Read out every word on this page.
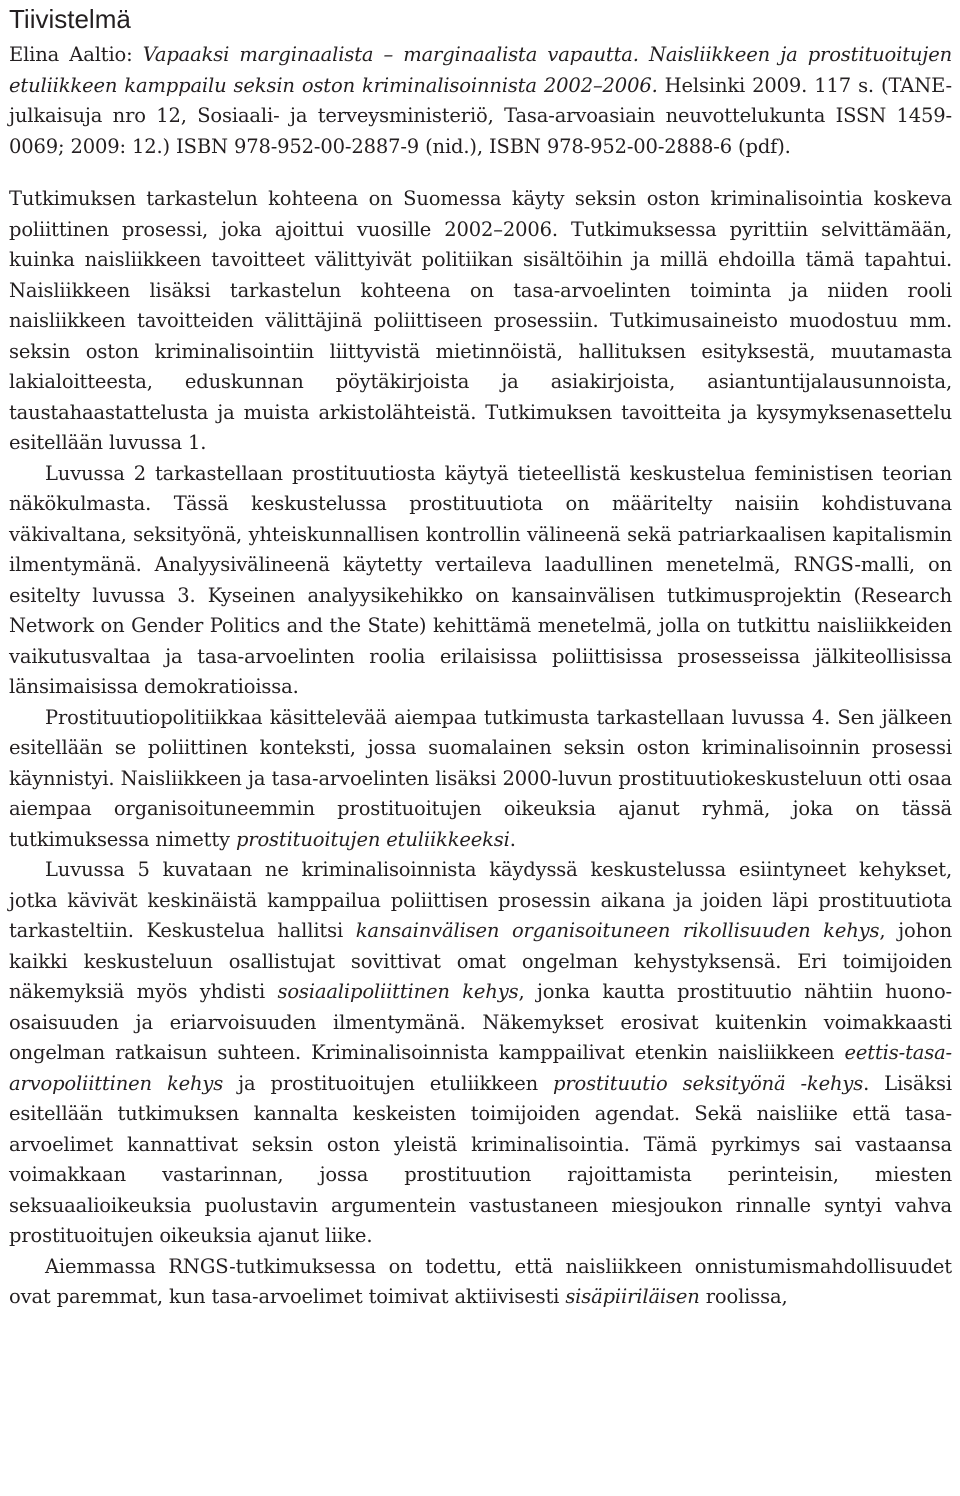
Tiivistelmä

Elina Aaltio: Vapaaksi marginaalista – marginaalista vapautta. Naisliikkeen ja prostituoitujen etuliikkeen kamppailu seksin oston kriminalisoinnista 2002–2006. Helsinki 2009. 117 s. (TANE-julkaisuja nro 12, Sosiaali- ja terveysministeriö, Tasa-arvoasiain neuvottelukunta ISSN 1459-0069; 2009: 12.) ISBN 978-952-00-2887-9 (nid.), ISBN 978-952-00-2888-6 (pdf).

Tutkimuksen tarkastelun kohteena on Suomessa käyty seksin oston kriminalisointia koskeva poliittinen prosessi, joka ajoittui vuosille 2002–2006. Tutkimuksessa pyrittiin selvittämään, kuinka naisliikkeen tavoitteet välittyivät politiikan sisältöihin ja millä ehdoilla tämä tapahtui. Naisliikkeen lisäksi tarkastelun kohteena on tasa-arvoelinten toiminta ja niiden rooli naisliikkeen tavoitteiden välittäjinä poliittiseen prosessiin. Tutkimusaineisto muodostuu mm. seksin oston kriminalisointiin liittyvistä mietinnöistä, hallituksen esityksestä, muutamasta lakialoitteesta, eduskunnan pöytäkirjoista ja asiakirjoista, asiantuntijalausunnoista, taustahaastattelusta ja muista arkistolähteistä. Tutkimuksen tavoitteita ja kysymyksenasettelu esitellään luvussa 1.

Luvussa 2 tarkastellaan prostituutiosta käytyä tieteellistä keskustelua feministisen teorian näkökulmasta. Tässä keskustelussa prostituutiota on määritelty naisiin kohdistuvana väkivaltana, seksityönä, yhteiskunnallisen kontrollin välineenä sekä patriarkaalisen kapitalismin ilmentymänä. Analyysivälineenä käytetty vertaileva laadullinen menetelmä, RNGS-malli, on esitelty luvussa 3. Kyseinen analyysikehikko on kansainvälisen tutkimusprojektin (Research Network on Gender Politics and the State) kehittämä menetelmä, jolla on tutkittu naisliikkeiden vaikutusvaltaa ja tasa-arvoelinten roolia erilaisissa poliittisissa prosesseissa jälkiteollisissa länsimaisissa demokratioissa.

Prostituutiopolitiikkaa käsittelevää aiempaa tutkimusta tarkastellaan luvussa 4. Sen jälkeen esitellään se poliittinen konteksti, jossa suomalainen seksin oston kriminalisoinnin prosessi käynnistyi. Naisliikkeen ja tasa-arvoelinten lisäksi 2000-luvun prostituutiokeskusteluun otti osaa aiempaa organisoituneemmin prostituoitujen oikeuksia ajanut ryhmä, joka on tässä tutkimuksessa nimetty prostituoitujen etuliikkeeksi.

Luvussa 5 kuvataan ne kriminalisoinnista käydyssä keskustelussa esiintyneet kehykset, jotka kävivät keskinäistä kamppailua poliittisen prosessin aikana ja joiden läpi prostituutiota tarkasteltiin. Keskustelua hallitsi kansainvälisen organisoituneen rikollisuuden kehys, johon kaikki keskusteluun osallistujat sovittivat omat ongelman kehystyksensä. Eri toimijoiden näkemyksiä myös yhdisti sosiaalipoliittinen kehys, jonka kautta prostituutio nähtiin huono-osaisuuden ja eriarvoisuuden ilmentymänä. Näkemykset erosivat kuitenkin voimakkaasti ongelman ratkaisun suhteen. Kriminalisoinnista kamppailivat etenkin naisliikkeen eettis-tasa-arvopoliittinen kehys ja prostituoitujen etuliikkeen prostituutio seksityönä -kehys. Lisäksi esitellään tutkimuksen kannalta keskeisten toimijoiden agendat. Sekä naisliike että tasa-arvoelimet kannattivat seksin oston yleistä kriminalisointia. Tämä pyrkimys sai vastaansa voimakkaan vastarinnan, jossa prostituution rajoittamista perinteisin, miesten seksuaalioikeuksia puolustavin argumentein vastustaneen miesjoukon rinnalle syntyi vahva prostituoitujen oikeuksia ajanut liike.

Aiemmassa RNGS-tutkimuksessa on todettu, että naisliikkeen onnistumismahdollisuudet ovat paremmat, kun tasa-arvoelimet toimivat aktiivisesti sisäpiiriläisen roolissa,
